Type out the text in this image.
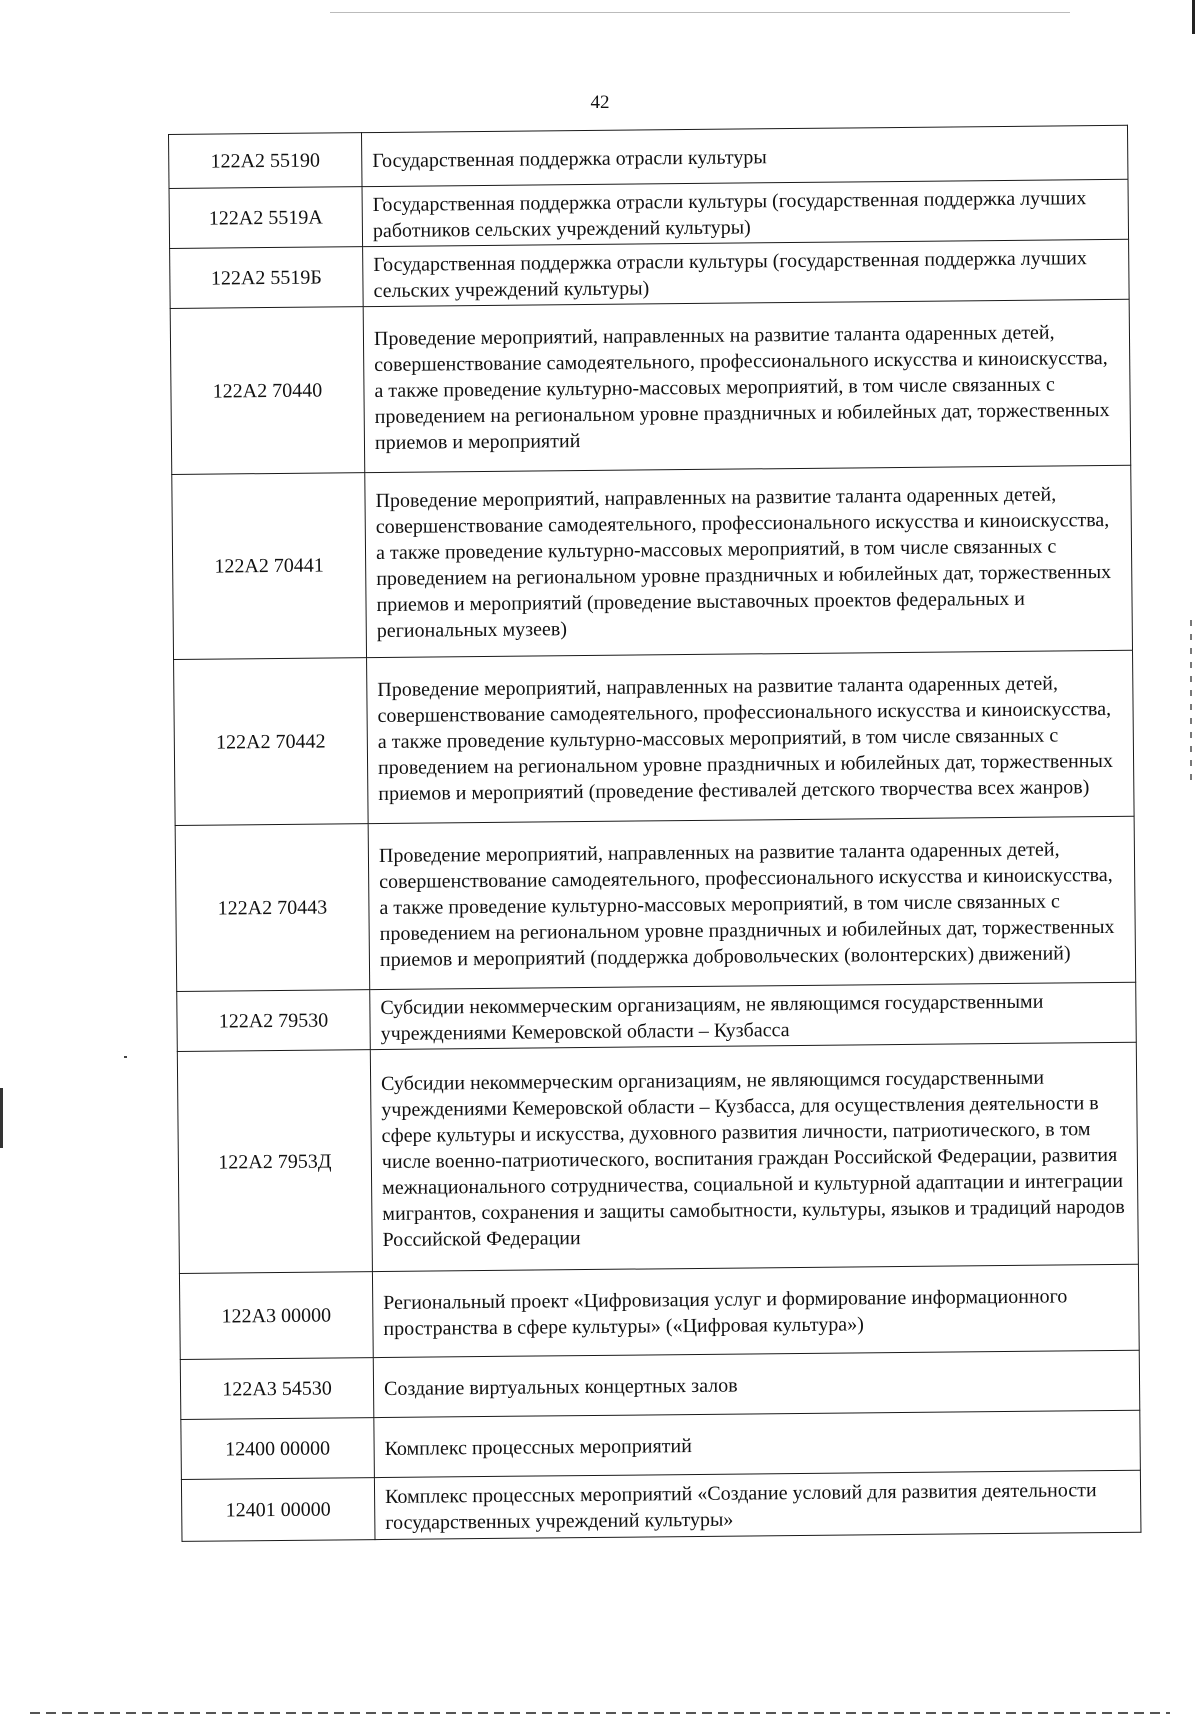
42
122А2 55190	Государственная поддержка отрасли культуры
122А2 5519А	Государственная поддержка отрасли культуры (государственная поддержка лучших работников сельских учреждений культуры)
122А2 5519Б	Государственная поддержка отрасли культуры (государственная поддержка лучших сельских учреждений культуры)
122А2 70440	Проведение мероприятий, направленных на развитие таланта одаренных детей, совершенствование самодеятельного, профессионального искусства и киноискусства, а также проведение культурно-массовых мероприятий, в том числе связанных с проведением на региональном уровне праздничных и юбилейных дат, торжественных приемов и мероприятий
122А2 70441	Проведение мероприятий, направленных на развитие таланта одаренных детей, совершенствование самодеятельного, профессионального искусства и киноискусства, а также проведение культурно-массовых мероприятий, в том числе связанных с проведением на региональном уровне праздничных и юбилейных дат, торжественных приемов и мероприятий (проведение выставочных проектов федеральных и региональных музеев)
122А2 70442	Проведение мероприятий, направленных на развитие таланта одаренных детей, совершенствование самодеятельного, профессионального искусства и киноискусства, а также проведение культурно-массовых мероприятий, в том числе связанных с проведением на региональном уровне праздничных и юбилейных дат, торжественных приемов и мероприятий (проведение фестивалей детского творчества всех жанров)
122А2 70443	Проведение мероприятий, направленных на развитие таланта одаренных детей, совершенствование самодеятельного, профессионального искусства и киноискусства, а также проведение культурно-массовых мероприятий, в том числе связанных с проведением на региональном уровне праздничных и юбилейных дат, торжественных приемов и мероприятий (поддержка добровольческих (волонтерских) движений)
122А2 79530	Субсидии некоммерческим организациям, не являющимся государственными учреждениями Кемеровской области – Кузбасса
122А2 7953Д	Субсидии некоммерческим организациям, не являющимся государственными учреждениями Кемеровской области – Кузбасса, для осуществления деятельности в сфере культуры и искусства, духовного развития личности, патриотического, в том числе военно-патриотического, воспитания граждан Российской Федерации, развития межнационального сотрудничества, социальной и культурной адаптации и интеграции мигрантов, сохранения и защиты самобытности, культуры, языков и традиций народов Российской Федерации
122А3 00000	Региональный проект «Цифровизация услуг и формирование информационного пространства в сфере культуры» («Цифровая культура»)
122А3 54530	Создание виртуальных концертных залов
12400 00000	Комплекс процессных мероприятий
12401 00000	Комплекс процессных мероприятий «Создание условий для развития деятельности государственных учреждений культуры»
